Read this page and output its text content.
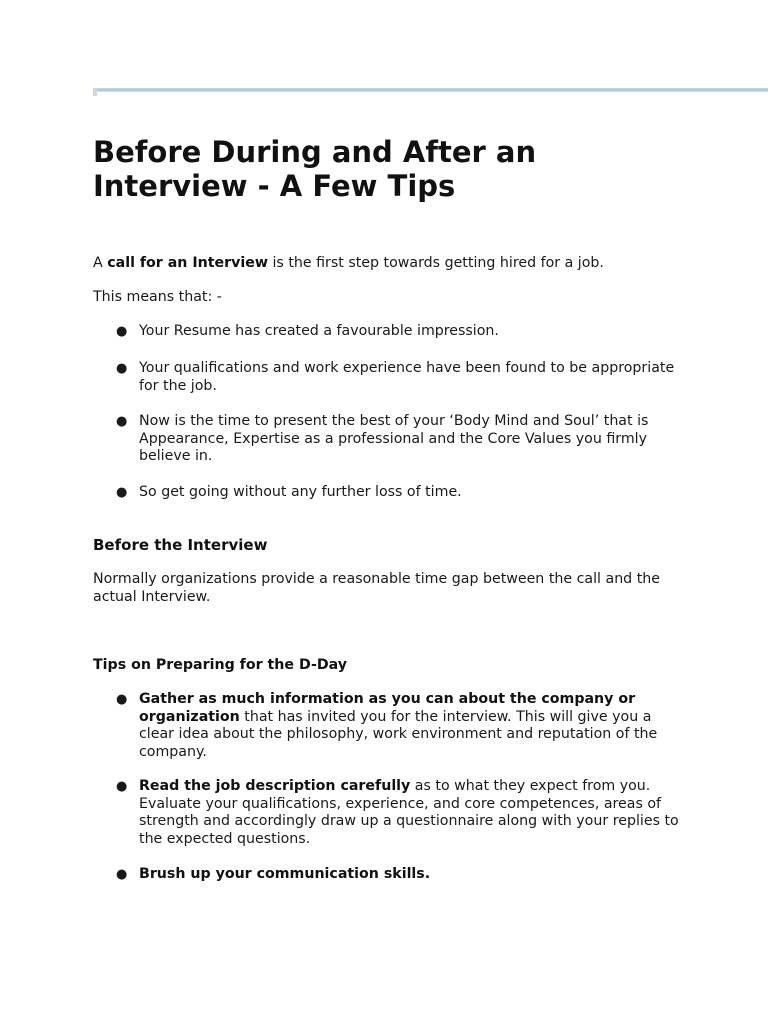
Before During and After an Interview - A Few Tips

A call for an Interview is the first step towards getting hired for a job.

This means that: -

● Your Resume has created a favourable impression.

● Your qualifications and work experience have been found to be appropriate for the job.

● Now is the time to present the best of your ‘Body Mind and Soul’ that is Appearance, Expertise as a professional and the Core Values you firmly believe in.

● So get going without any further loss of time.

Before the Interview

Normally organizations provide a reasonable time gap between the call and the actual Interview.

Tips on Preparing for the D-Day

● Gather as much information as you can about the company or organization that has invited you for the interview. This will give you a clear idea about the philosophy, work environment and reputation of the company.

● Read the job description carefully as to what they expect from you. Evaluate your qualifications, experience, and core competences, areas of strength and accordingly draw up a questionnaire along with your replies to the expected questions.

● Brush up your communication skills.
